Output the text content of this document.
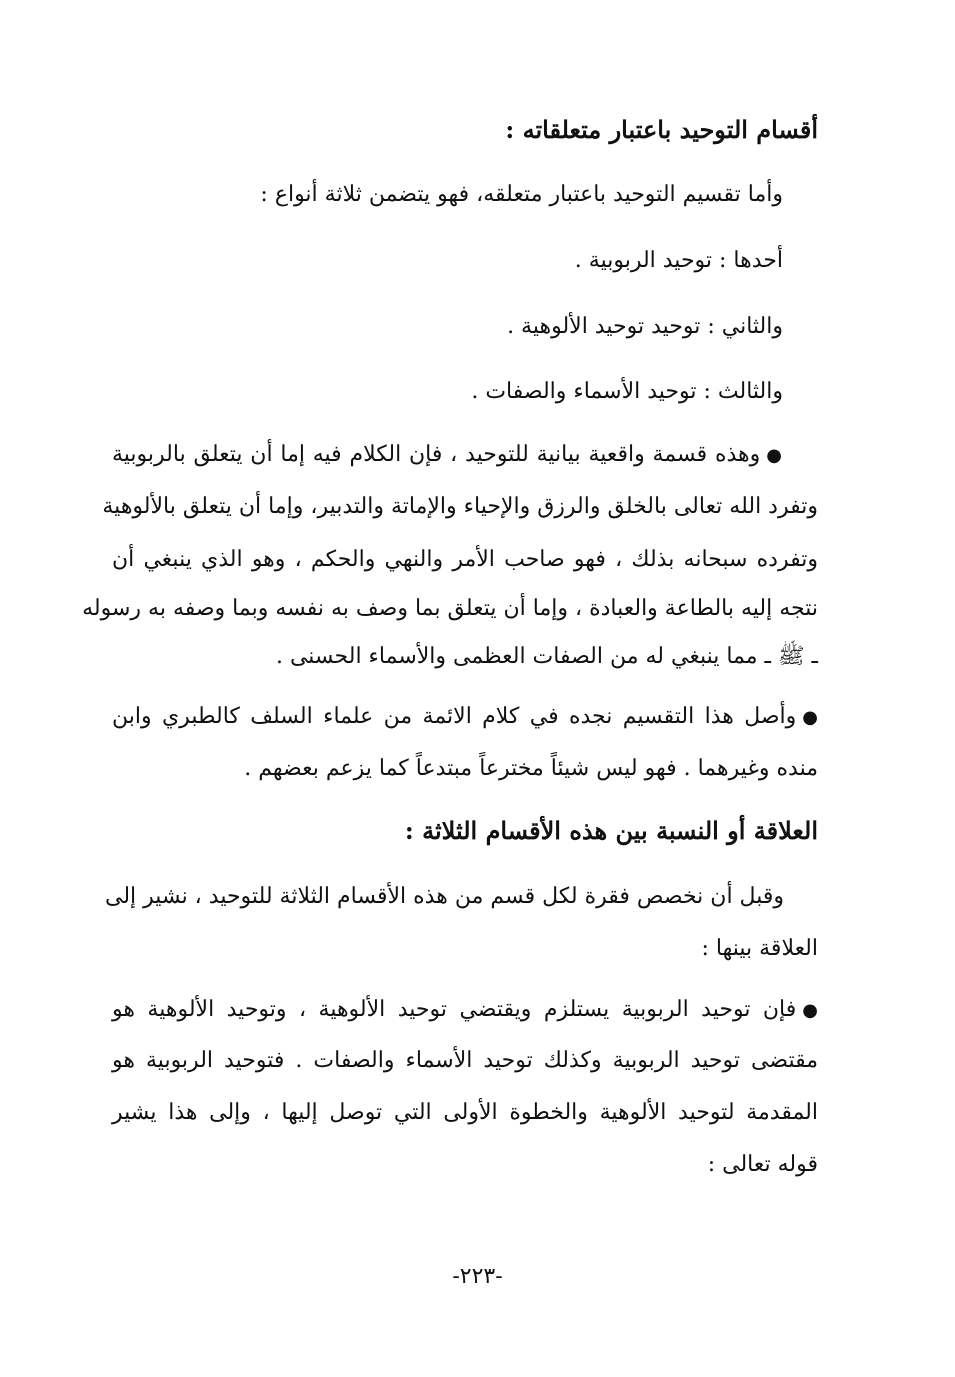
أقسام التوحيد باعتبار متعلقاته :
وأما تقسيم التوحيد باعتبار متعلقه، فهو يتضمن ثلاثة أنواع :
أحدها : توحيد الربوبية .
والثاني : توحيد توحيد الألوهية .
والثالث : توحيد الأسماء والصفات .
●وهذه قسمة واقعية بيانية للتوحيد ، فإن الكلام فيه إما أن يتعلق بالربوبية
وتفرد الله تعالى بالخلق والرزق والإحياء والإماتة والتدبير، وإما أن يتعلق بالألوهية
وتفرده سبحانه بذلك ، فهو صاحب الأمر والنهي والحكم ، وهو الذي ينبغي أن
نتجه إليه بالطاعة والعبادة ، وإما أن يتعلق بما وصف به نفسه وبما وصفه به رسوله
ـ ﷺ ـ مما ينبغي له من الصفات العظمى والأسماء الحسنى .
●وأصل هذا التقسيم نجده في كلام الائمة من علماء السلف كالطبري وابن
منده وغيرهما . فهو ليس شيئاً مخترعاً مبتدعاً كما يزعم بعضهم .
العلاقة أو النسبة بين هذه الأقسام الثلاثة :
وقبل أن نخصص فقرة لكل قسم من هذه الأقسام الثلاثة للتوحيد ، نشير إلى
العلاقة بينها :
●فإن توحيد الربوبية يستلزم ويقتضي توحيد الألوهية ، وتوحيد الألوهية هو
مقتضى توحيد الربوبية وكذلك توحيد الأسماء والصفات . فتوحيد الربوبية هو
المقدمة لتوحيد الألوهية والخطوة الأولى التي توصل إليها ، وإلى هذا يشير
قوله تعالى :
-٢٢٣-
